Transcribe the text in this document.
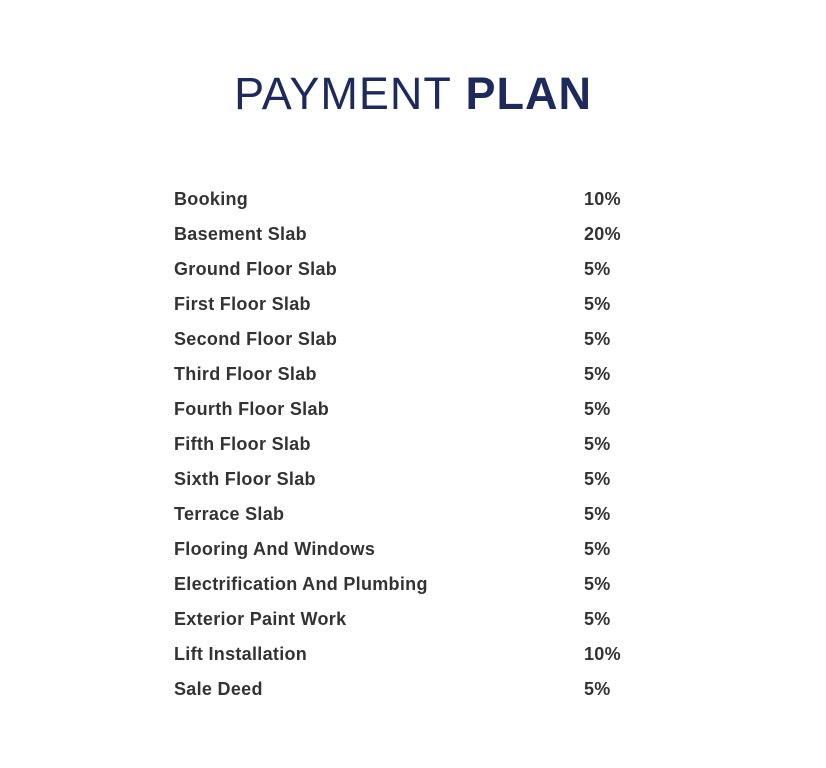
PAYMENT PLAN
Booking	10%
Basement Slab	20%
Ground Floor Slab	5%
First Floor Slab	5%
Second Floor Slab	5%
Third Floor Slab	5%
Fourth Floor Slab	5%
Fifth Floor Slab	5%
Sixth Floor Slab	5%
Terrace Slab	5%
Flooring And Windows	5%
Electrification And Plumbing	5%
Exterior Paint Work	5%
Lift Installation	10%
Sale Deed	5%
